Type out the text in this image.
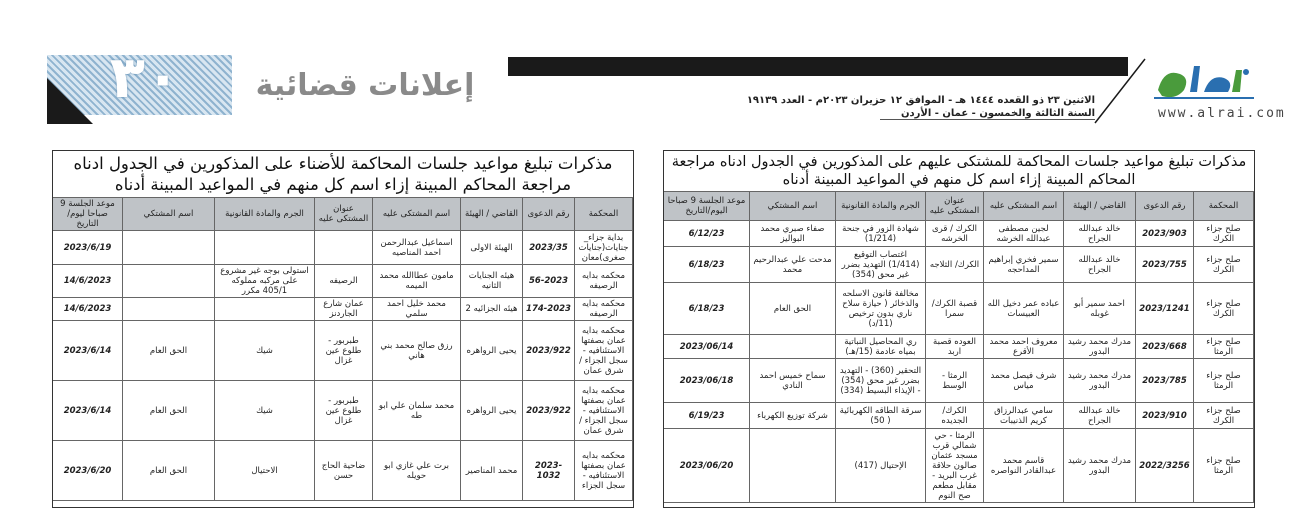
www.alrai.com
الاثنين ٢٣ ذو القعده ١٤٤٤ هـ - الموافق ١٢ حزيران ٢٠٢٣م - العدد ١٩١٣٩
السنة الثالثة والخمسون - عمان - الأردن
٣٠	إعلانات قضائية
مذكرات تبليغ مواعيد جلسات المحاكمة للأضناء على المذكورين في الجدول ادناه مراجعة المحاكم المبينة إزاء اسم كل منهم في المواعيد المبينة أدناه
المحكمة	رقم الدعوى	القاضي / الهيئة	اسم المشتكى عليه	عنوان المشتكى عليه	الجرم والمادة القانونية	اسم المشتكي	موعد الجلسة 9 صباحا ليوم/ التاريخ
بداية جزاء_ جنايات(جنايات صغرى)معان	2023/35	الهيئة الاولى	اسماعيل عبدالرحمن احمد المناصيه				2023/6/19
محكمه بدايه الرصيفه	56-2023	هيئه الجنايات الثانيه	مامون عطاالله محمد الميمه	الرصيفه	استولى بوجه غير مشروع على مركبه مملوكه 405/1 مكرر		14/6/2023
محكمه بدايه الرصيفه	174-2023	هيئه الجزائيه 2	محمد خليل احمد سلمي	عمان شارع الجاردنز			14/6/2023
محكمه بدايه عمان بصفتها الاستئنافيه - سجل الجزاء /شرق عمان	2023/922	يحيى الرواهره	رزق صالح محمد بني هاني	طبربور - طلوع عين غزال	شيك	الحق العام	2023/6/14
محكمه بدايه عمان بصفتها الاستئنافيه - سجل الجزاء /شرق عمان	2023/922	يحيى الرواهره	محمد سلمان علي ابو طه	طبربور - طلوع عين غزال	شيك	الحق العام	2023/6/14
محكمه بدايه عمان بصفتها الاستئنافيه - سجل الجزاء	2023-1032	محمد المناصير	برت علي غازي ابو حويله	ضاحية الحاج حسن	الاحتيال	الحق العام	2023/6/20
مذكرات تبليغ مواعيد جلسات المحاكمة للمشتكى عليهم على المذكورين في الجدول ادناه مراجعة المحاكم المبينة إزاء اسم كل منهم في المواعيد المبينة أدناه
المحكمة	رقم الدعوى	القاضي / الهيئة	اسم المشتكى عليه	عنوان المشتكى عليه	الجرم والمادة القانونية	اسم المشتكي	موعد الجلسة 9 صباحا اليوم/التاريخ
صلح جزاء الكرك	2023/903	خالد عبدالله الجراح	لجين مصطفى عبدالله الخرشه	الكرك / قرى الخرشه	شهادة الزور في جنحة (1/214)	صفاء صبري محمد البوالیز	6/12/23
صلح جزاء الكرك	2023/755	خالد عبدالله الجراح	سمير فخري إبراهيم المداحجه	الكرك/ الثلاجه	اغتصاب التوقيع (1/414) التهديد بضرر غير محق (354)	مدحت علي عبدالرحيم محمد	6/18/23
صلح جزاء الكرك	2023/1241	احمد سمير أبو غوبله	عباده عمر دخيل الله العبيسات	قصبة الكرك/ سمرا	مخالفة قانون الاسلحه والذخائر ( حيازة سلاح ناري بدون ترخيص (11/د)	الحق العام	6/18/23
صلح جزاء الرمثا	2023/668	مدرك محمد رشيد البدور	معروف احمد محمد الأقرع	العوده قصبة اربد	ري المحاصيل النباتية بمياه عادمة (15/هـ)		2023/06/14
صلح جزاء الرمثا	2023/785	مدرك محمد رشيد البدور	شرف فيصل محمد مياس	الرمثا - الوسط	التحقير (360) - التهديد بضرر غير محق (354) - الإيذاء البسيط (334)	سماح خميس احمد النادي	2023/06/18
صلح جزاء الكرك	2023/910	خالد عبدالله الجراح	سامي عبدالرزاق كريم الذنيبات	الكرك/ الجديده	سرقة الطاقه الكهربائية ( 50)	شركة توزيع الكهرباء	6/19/23
صلح جزاء الرمثا	2022/3256	مدرك محمد رشيد البدور	قاسم محمد عبدالقادر النواصره	الرمثا - حي شمالي قرب مسجد عثمان صالون حلاقة غرب البريد - مقابل مطعم صح النوم	الإحتيال (417)		2023/06/20
